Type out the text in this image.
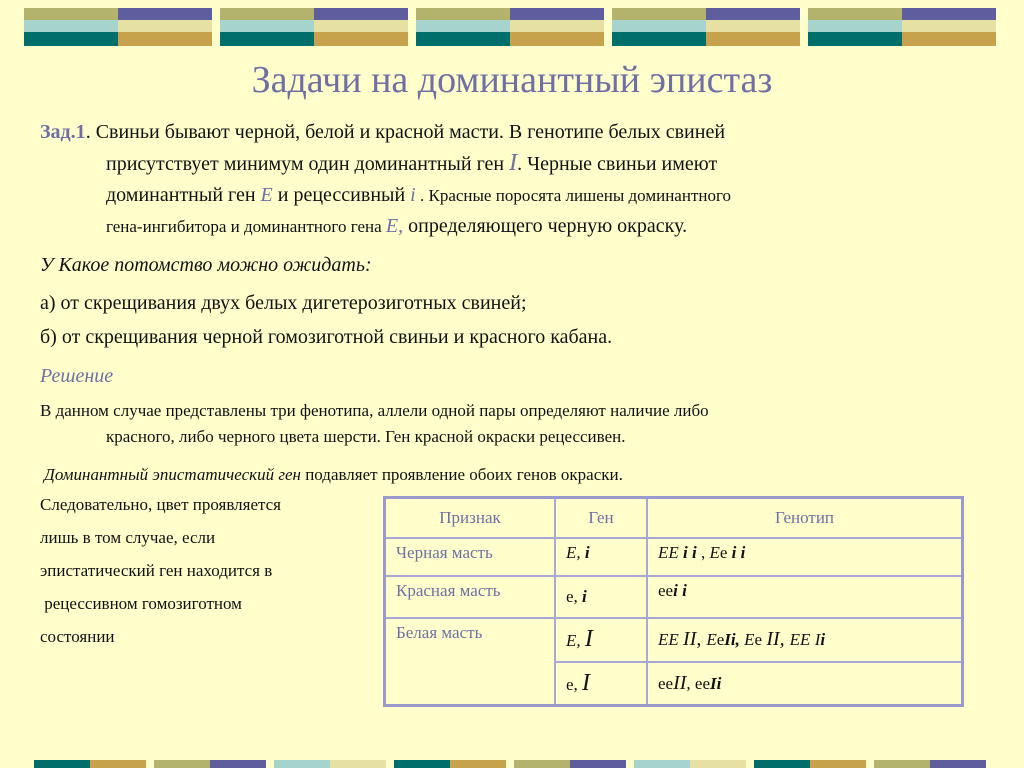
Задачи на доминантный эпистаз
Зад.1. Свиньи бывают черной, белой и красной масти. В генотипе белых свиней
присутствует минимум один доминантный ген I. Черные свиньи имеют
доминантный ген E и рецессивный i . Красные поросята лишены доминантного
гена-ингибитора и доминантного гена E, определяющего черную окраску.
У Какое потомство можно ожидать:
а) от скрещивания двух белых дигетерозиготных свиней;
б) от скрещивания черной гомозиготной свиньи и красного кабана.
Решение
В данном случае представлены три фенотипа, аллели одной пары определяют наличие либо
красного, либо черного цвета шерсти. Ген красной окраски рецессивен.
Доминантный эпистатический ген подавляет проявление обоих генов окраски.
Следовательно, цвет проявляется
лишь в том случае, если
эпистатический ген находится в
рецессивном гомозиготном
состоянии
Признак	Ген	Генотип
Черная масть	E, i	EE i i , Ee i i
Красная масть	e, i	eei i
Белая масть	E, I	EE II, EeIi, Ee II, EE Ii
	e, I	eeII, eeIi
